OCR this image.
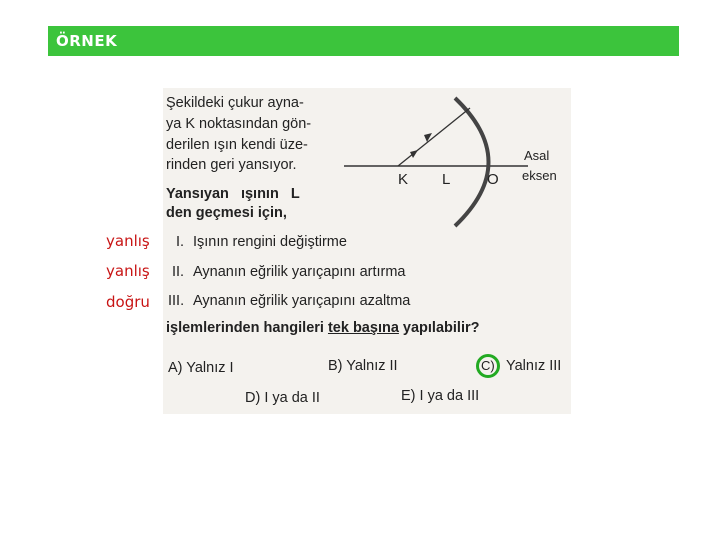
ÖRNEK
Şekildeki çukur ayna-
ya K noktasından gön-
derilen ışın kendi üze-
rinden geri yansıyor.
Yansıyan   ışının   L
den geçmesi için,
K L O
Asal
eksen
yanlış I. Işının rengini değiştirme
yanlış II. Aynanın eğrilik yarıçapını artırma
doğru III. Aynanın eğrilik yarıçapını azaltma
işlemlerinden hangileri tek başına yapılabilir?
A) Yalnız I	B) Yalnız II	C) Yalnız III
D) I ya da II	E) I ya da III
